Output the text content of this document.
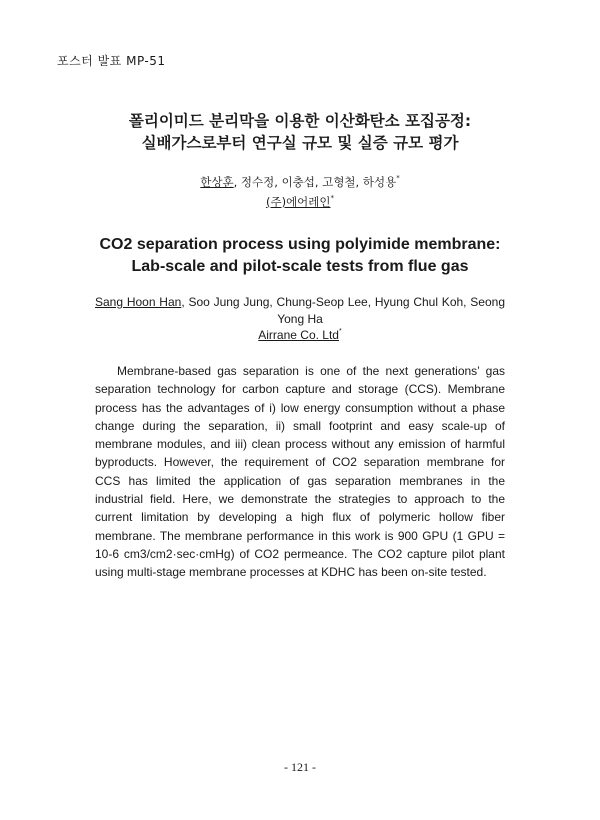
포스터 발표 MP-51
폴리이미드 분리막을 이용한 이산화탄소 포집공정:
실배가스로부터 연구실 규모 및 실증 규모 평가
한상훈, 정수정, 이충섭, 고형철, 하성용*
(주)에어레인*
CO2 separation process using polyimide membrane:
Lab-scale and pilot-scale tests from flue gas
Sang Hoon Han, Soo Jung Jung, Chung-Seop Lee, Hyung Chul Koh, Seong Yong Ha
Airrane Co. Ltd*

Membrane-based gas separation is one of the next generations’ gas separation technology for carbon capture and storage (CCS). Membrane process has the advantages of i) low energy consumption without a phase change during the separation, ii) small footprint and easy scale-up of membrane modules, and iii) clean process without any emission of harmful byproducts. However, the requirement of CO2 separation membrane for CCS has limited the application of gas separation membranes in the industrial field. Here, we demonstrate the strategies to approach to the current limitation by developing a high flux of polymeric hollow fiber membrane. The membrane performance in this work is 900 GPU (1 GPU = 10-6 cm3/cm2·sec·cmHg) of CO2 permeance. The CO2 capture pilot plant using multi-stage membrane processes at KDHC has been on-site tested.

- 121 -
